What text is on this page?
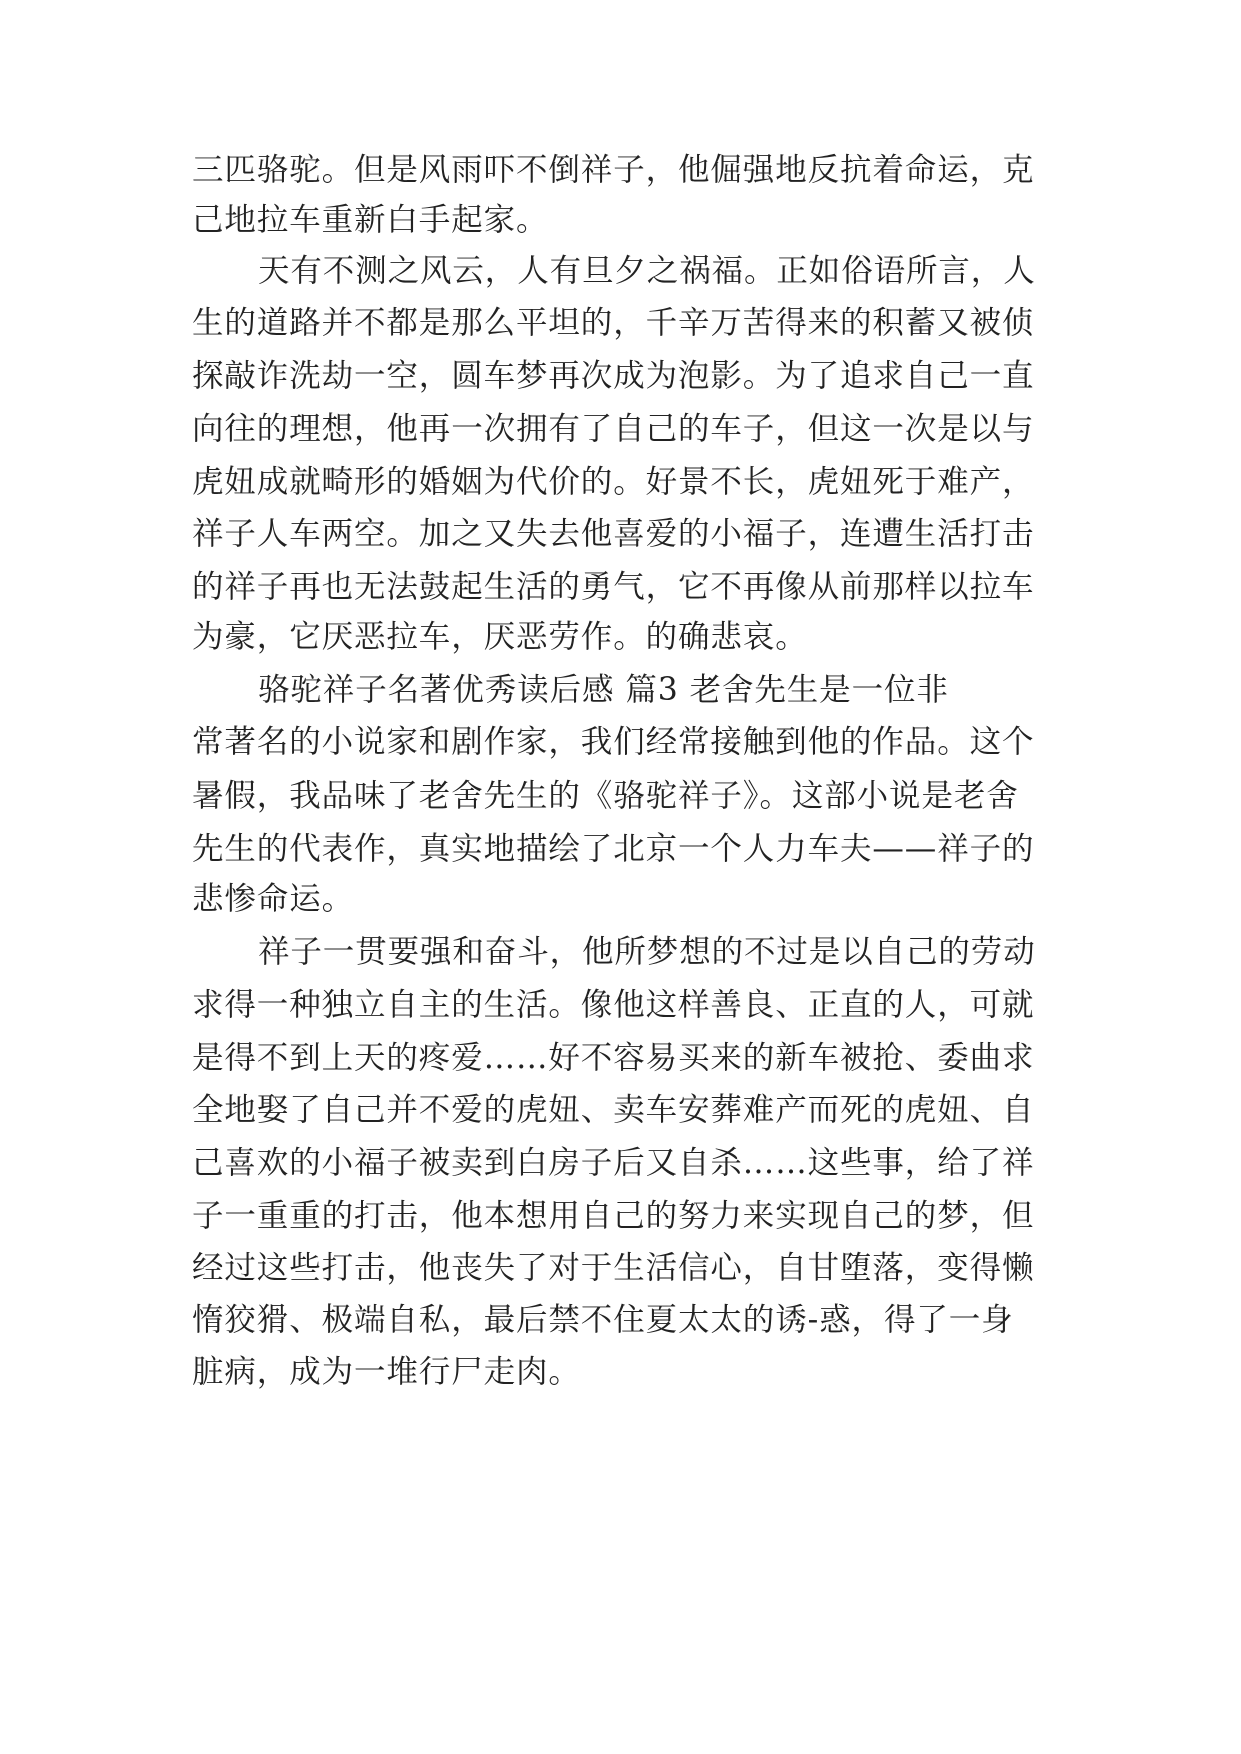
三匹骆驼。但是风雨吓不倒祥子，他倔强地反抗着命运，克
己地拉车重新白手起家。
天有不测之风云，人有旦夕之祸福。正如俗语所言，人
生的道路并不都是那么平坦的，千辛万苦得来的积蓄又被侦
探敲诈洗劫一空，圆车梦再次成为泡影。为了追求自己一直
向往的理想，他再一次拥有了自己的车子，但这一次是以与
虎妞成就畸形的婚姻为代价的。好景不长，虎妞死于难产，
祥子人车两空。加之又失去他喜爱的小福子，连遭生活打击
的祥子再也无法鼓起生活的勇气，它不再像从前那样以拉车
为豪，它厌恶拉车，厌恶劳作。的确悲哀。
骆驼祥子名著优秀读后感 篇3 老舍先生是一位非
常著名的小说家和剧作家，我们经常接触到他的作品。这个
暑假，我品味了老舍先生的《骆驼祥子》。这部小说是老舍
先生的代表作，真实地描绘了北京一个人力车夫——祥子的
悲惨命运。
祥子一贯要强和奋斗，他所梦想的不过是以自己的劳动
求得一种独立自主的生活。像他这样善良、正直的人，可就
是得不到上天的疼爱……好不容易买来的新车被抢、委曲求
全地娶了自己并不爱的虎妞、卖车安葬难产而死的虎妞、自
己喜欢的小福子被卖到白房子后又自杀……这些事，给了祥
子一重重的打击，他本想用自己的努力来实现自己的梦，但
经过这些打击，他丧失了对于生活信心，自甘堕落，变得懒
惰狡猾、极端自私，最后禁不住夏太太的诱-惑，得了一身
脏病，成为一堆行尸走肉。
